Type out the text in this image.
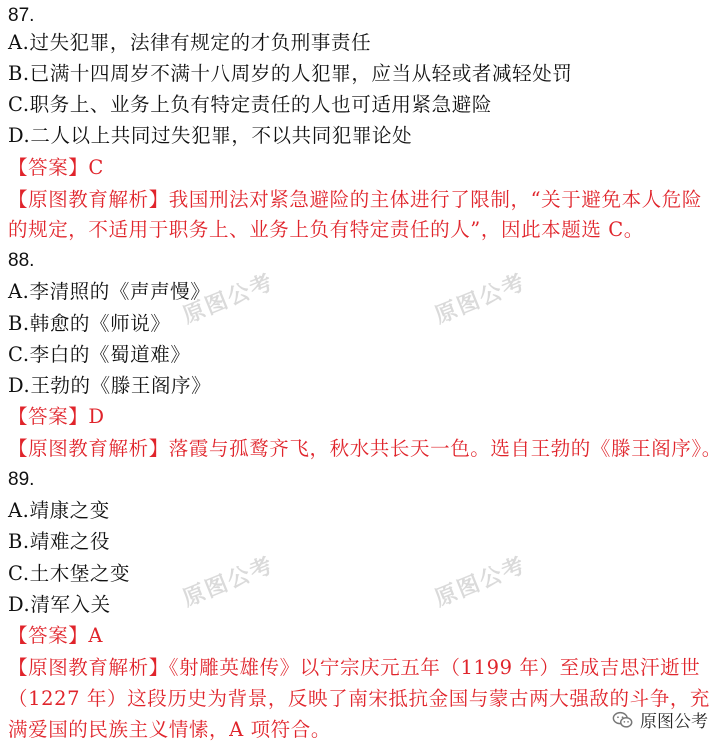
87.
A.过失犯罪，法律有规定的才负刑事责任
B.已满十四周岁不满十八周岁的人犯罪，应当从轻或者减轻处罚
C.职务上、业务上负有特定责任的人也可适用紧急避险
D.二人以上共同过失犯罪，不以共同犯罪论处
【答案】C
【原图教育解析】我国刑法对紧急避险的主体进行了限制，“关于避免本人危险
的规定，不适用于职务上、业务上负有特定责任的人”，因此本题选 C。
88.
A.李清照的《声声慢》
B.韩愈的《师说》
C.李白的《蜀道难》
D.王勃的《滕王阁序》
【答案】D
【原图教育解析】落霞与孤鹜齐飞，秋水共长天一色。选自王勃的《滕王阁序》。
89.
A.靖康之变
B.靖难之役
C.土木堡之变
D.清军入关
【答案】A
【原图教育解析】《射雕英雄传》以宁宗庆元五年（1199 年）至成吉思汗逝世
（1227 年）这段历史为背景，反映了南宋抵抗金国与蒙古两大强敌的斗争，充
满爱国的民族主义情愫，A 项符合。
原图公考	原图公考
原图公考	原图公考
原图公考
